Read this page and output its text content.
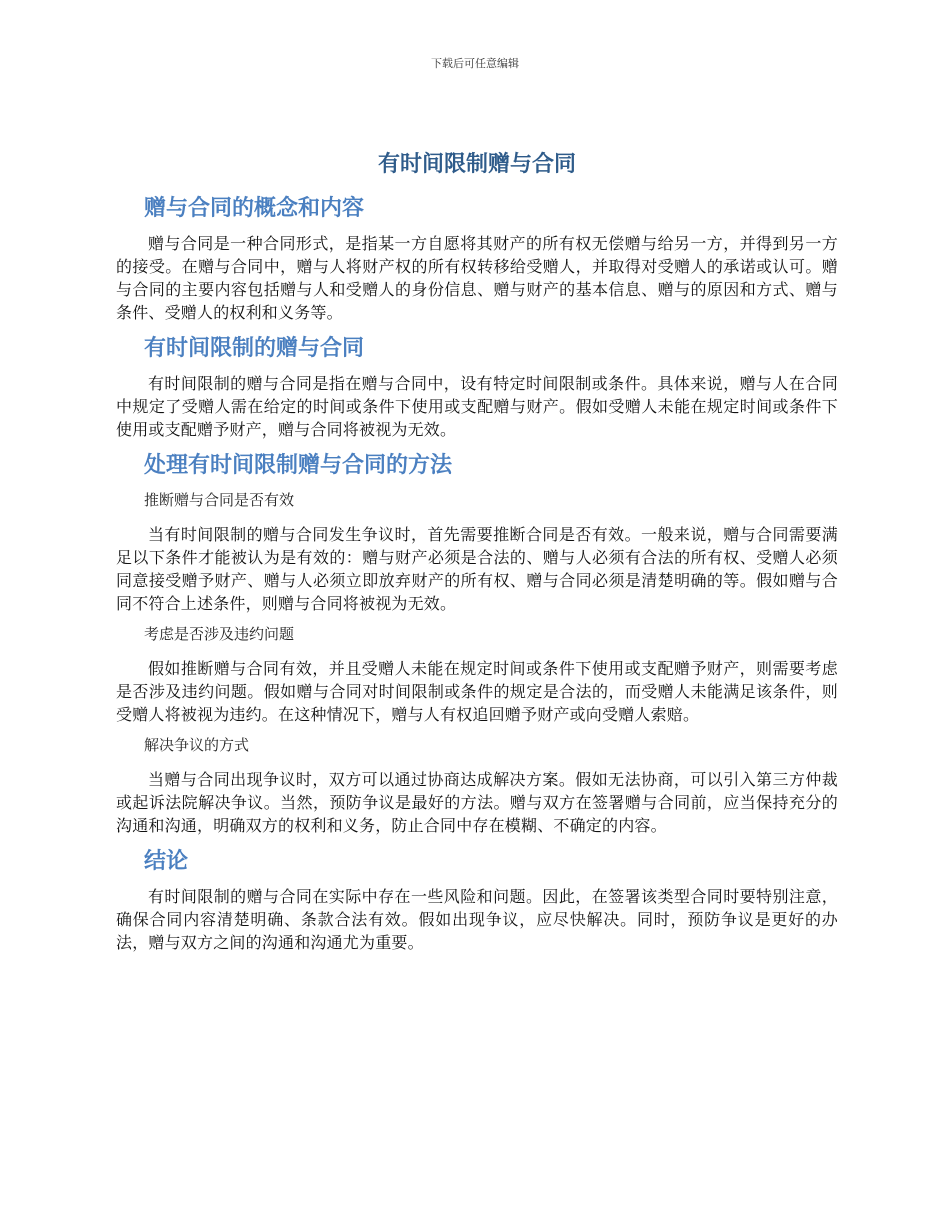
下载后可任意编辑
有时间限制赠与合同
赠与合同的概念和内容

赠与合同是一种合同形式，是指某一方自愿将其财产的所有权无偿赠与给另一方，并得到另一方的接受。在赠与合同中，赠与人将财产权的所有权转移给受赠人，并取得对受赠人的承诺或认可。赠与合同的主要内容包括赠与人和受赠人的身份信息、赠与财产的基本信息、赠与的原因和方式、赠与条件、受赠人的权利和义务等。

有时间限制的赠与合同

有时间限制的赠与合同是指在赠与合同中，设有特定时间限制或条件。具体来说，赠与人在合同中规定了受赠人需在给定的时间或条件下使用或支配赠与财产。假如受赠人未能在规定时间或条件下使用或支配赠予财产，赠与合同将被视为无效。

处理有时间限制赠与合同的方法
推断赠与合同是否有效

当有时间限制的赠与合同发生争议时，首先需要推断合同是否有效。一般来说，赠与合同需要满足以下条件才能被认为是有效的：赠与财产必须是合法的、赠与人必须有合法的所有权、受赠人必须同意接受赠予财产、赠与人必须立即放弃财产的所有权、赠与合同必须是清楚明确的等。假如赠与合同不符合上述条件，则赠与合同将被视为无效。

考虑是否涉及违约问题

假如推断赠与合同有效，并且受赠人未能在规定时间或条件下使用或支配赠予财产，则需要考虑是否涉及违约问题。假如赠与合同对时间限制或条件的规定是合法的，而受赠人未能满足该条件，则受赠人将被视为违约。在这种情况下，赠与人有权追回赠予财产或向受赠人索赔。

解决争议的方式

当赠与合同出现争议时，双方可以通过协商达成解决方案。假如无法协商，可以引入第三方仲裁或起诉法院解决争议。当然，预防争议是最好的方法。赠与双方在签署赠与合同前，应当保持充分的沟通和沟通，明确双方的权利和义务，防止合同中存在模糊、不确定的内容。

结论

有时间限制的赠与合同在实际中存在一些风险和问题。因此，在签署该类型合同时要特别注意，确保合同内容清楚明确、条款合法有效。假如出现争议，应尽快解决。同时，预防争议是更好的办法，赠与双方之间的沟通和沟通尤为重要。
